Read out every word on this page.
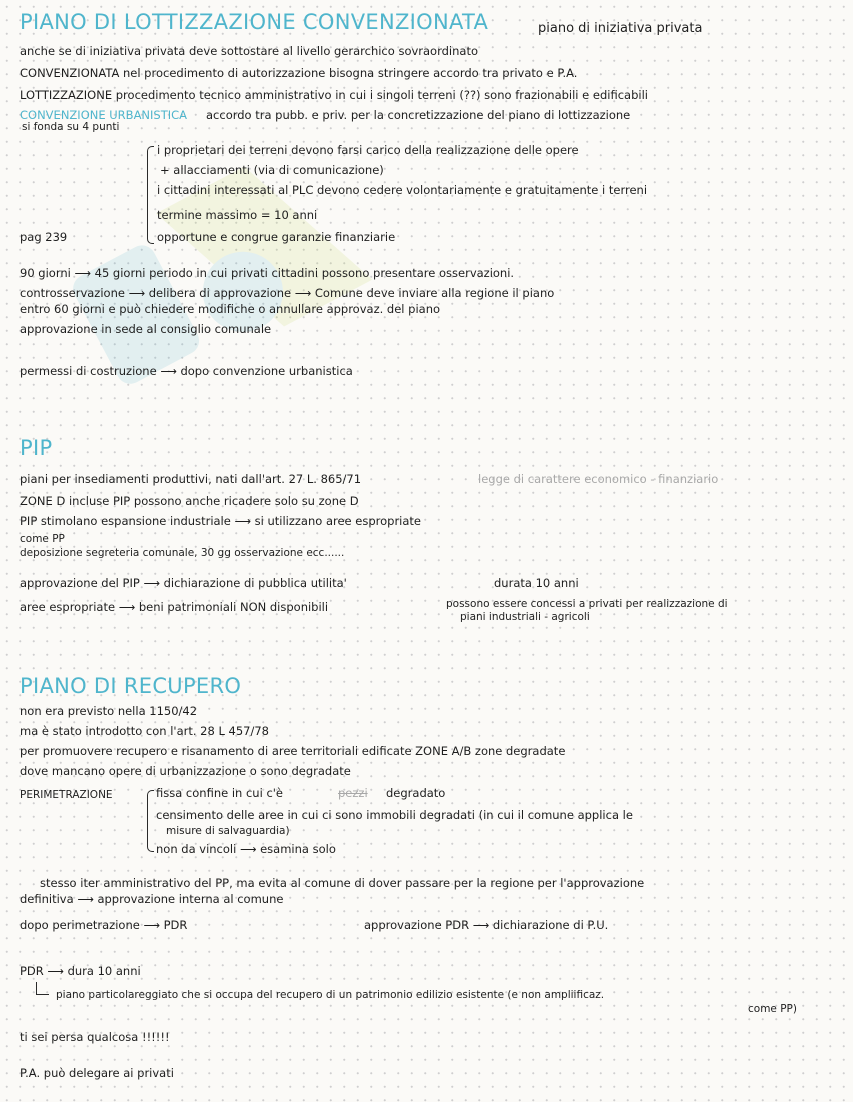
PIANO DI LOTTIZZAZIONE CONVENZIONATA	piano di iniziativa privata
anche se di iniziativa privata deve sottostare al livello gerarchico sovraordinato
CONVENZIONATA nel procedimento di autorizzazione bisogna stringere accordo tra privato e P.A.
LOTTIZZAZIONE procedimento tecnico amministrativo in cui i singoli terreni (??) sono frazionabili e edificabili
CONVENZIONE URBANISTICA accordo tra pubb. e priv. per la concretizzazione del piano di lottizzazione
si fonda su 4 punti
i proprietari dei terreni devono farsi carico della realizzazione delle opere
+ allacciamenti (via di comunicazione)
i cittadini interessati al PLC devono cedere volontariamente e gratuitamente i terreni
termine massimo = 10 anni
opportune e congrue garanzie finanziarie
pag 239
90 giorni ⟶ 45 giorni periodo in cui privati cittadini possono presentare osservazioni.
controsservazione ⟶ delibera di approvazione ⟶ Comune deve inviare alla regione il piano
entro 60 giorni e può chiedere modifiche o annullare approvaz. del piano
approvazione in sede al consiglio comunale
permessi di costruzione ⟶ dopo convenzione urbanistica
PIP
piani per insediamenti produttivi, nati dall'art. 27 L. 865/71	legge di carattere economico - finanziario
ZONE D incluse PIP possono anche ricadere solo su zone D
PIP stimolano espansione industriale ⟶ si utilizzano aree espropriate
come PP
deposizione segreteria comunale, 30 gg osservazione ecc......
approvazione del PIP ⟶ dichiarazione di pubblica utilita'	durata 10 anni
aree espropriate ⟶ beni patrimoniali NON disponibili	possono essere concessi a privati per realizzazione di
piani industriali - agricoli
PIANO DI RECUPERO
non era previsto nella 1150/42
ma è stato introdotto con l'art. 28 L 457/78
per promuovere recupero e risanamento di aree territoriali edificate ZONE A/B zone degradate
dove mancano opere di urbanizzazione o sono degradate
PERIMETRAZIONE	fissa confine in cui c'è	pezzi degradato
censimento delle aree in cui ci sono immobili degradati (in cui il comune applica le
misure di salvaguardia)
non da vincoli ⟶ esamina solo
stesso iter amministrativo del PP, ma evita al comune di dover passare per la regione per l'approvazione
definitiva ⟶ approvazione interna al comune
dopo perimetrazione ⟶ PDR	approvazione PDR ⟶ dichiarazione di P.U.
PDR ⟶ dura 10 anni
piano particolareggiato che si occupa del recupero di un patrimonio edilizio esistente (e non ampliificaz.
come PP)
ti sei persa qualcosa !!!!!!
P.A. può delegare ai privati
